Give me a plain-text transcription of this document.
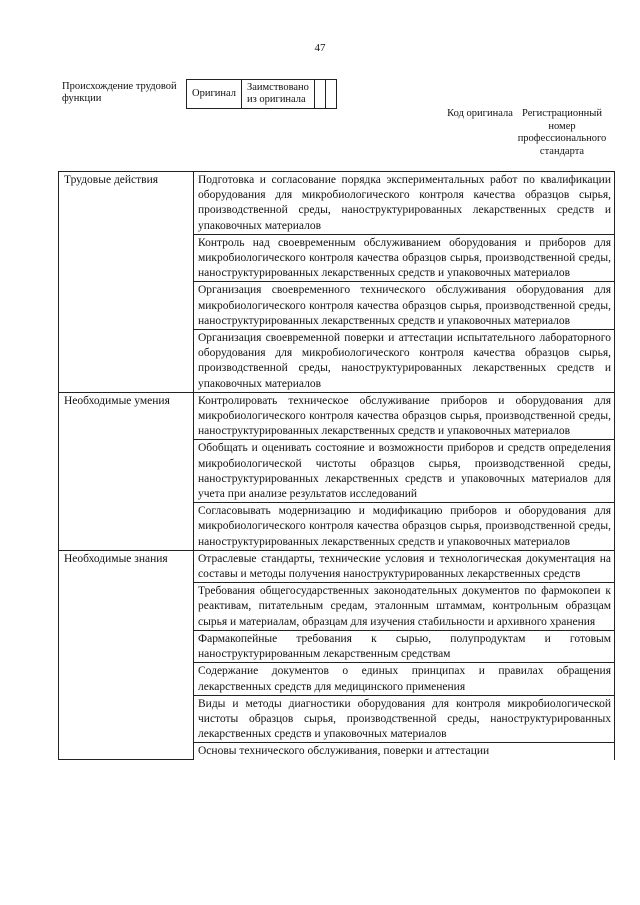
47
Происхождение трудовой функции	Оригинал	Заимствовано из оригинала		
Код оригинала Регистрационный номер профессионального стандарта
Трудовые действия	Подготовка и согласование порядка экспериментальных работ по квалификации оборудования для микробиологического контроля качества образцов сырья, производственной среды, наноструктурированных лекарственных средств и упаковочных материалов
	Контроль над своевременным обслуживанием оборудования и приборов для микробиологического контроля качества образцов сырья, производственной среды, наноструктурированных лекарственных средств и упаковочных материалов
	Организация своевременного технического обслуживания оборудования для микробиологического контроля качества образцов сырья, производственной среды, наноструктурированных лекарственных средств и упаковочных материалов
	Организация своевременной поверки и аттестации испытательного лабораторного оборудования для микробиологического контроля качества образцов сырья, производственной среды, наноструктурированных лекарственных средств и упаковочных материалов
Необходимые умения	Контролировать техническое обслуживание приборов и оборудования для микробиологического контроля качества образцов сырья, производственной среды, наноструктурированных лекарственных средств и упаковочных материалов
	Обобщать и оценивать состояние и возможности приборов и средств определения микробиологической чистоты образцов сырья, производственной среды, наноструктурированных лекарственных средств и упаковочных материалов для учета при анализе результатов исследований
	Согласовывать модернизацию и модификацию приборов и оборудования для микробиологического контроля качества образцов сырья, производственной среды, наноструктурированных лекарственных средств и упаковочных материалов
Необходимые знания	Отраслевые стандарты, технические условия и технологическая документация на составы и методы получения наноструктурированных лекарственных средств
	Требования общегосударственных законодательных документов по фармокопеи к реактивам, питательным средам, эталонным штаммам, контрольным образцам сырья и материалам, образцам для изучения стабильности и архивного хранения
	Фармакопейные требования к сырью, полупродуктам и готовым наноструктурированным лекарственным средствам
	Содержание документов о единых принципах и правилах обращения лекарственных средств для медицинского применения
	Виды и методы диагностики оборудования для контроля микробиологической чистоты образцов сырья, производственной среды, наноструктурированных лекарственных средств и упаковочных материалов
	Основы технического обслуживания, поверки и аттестации
